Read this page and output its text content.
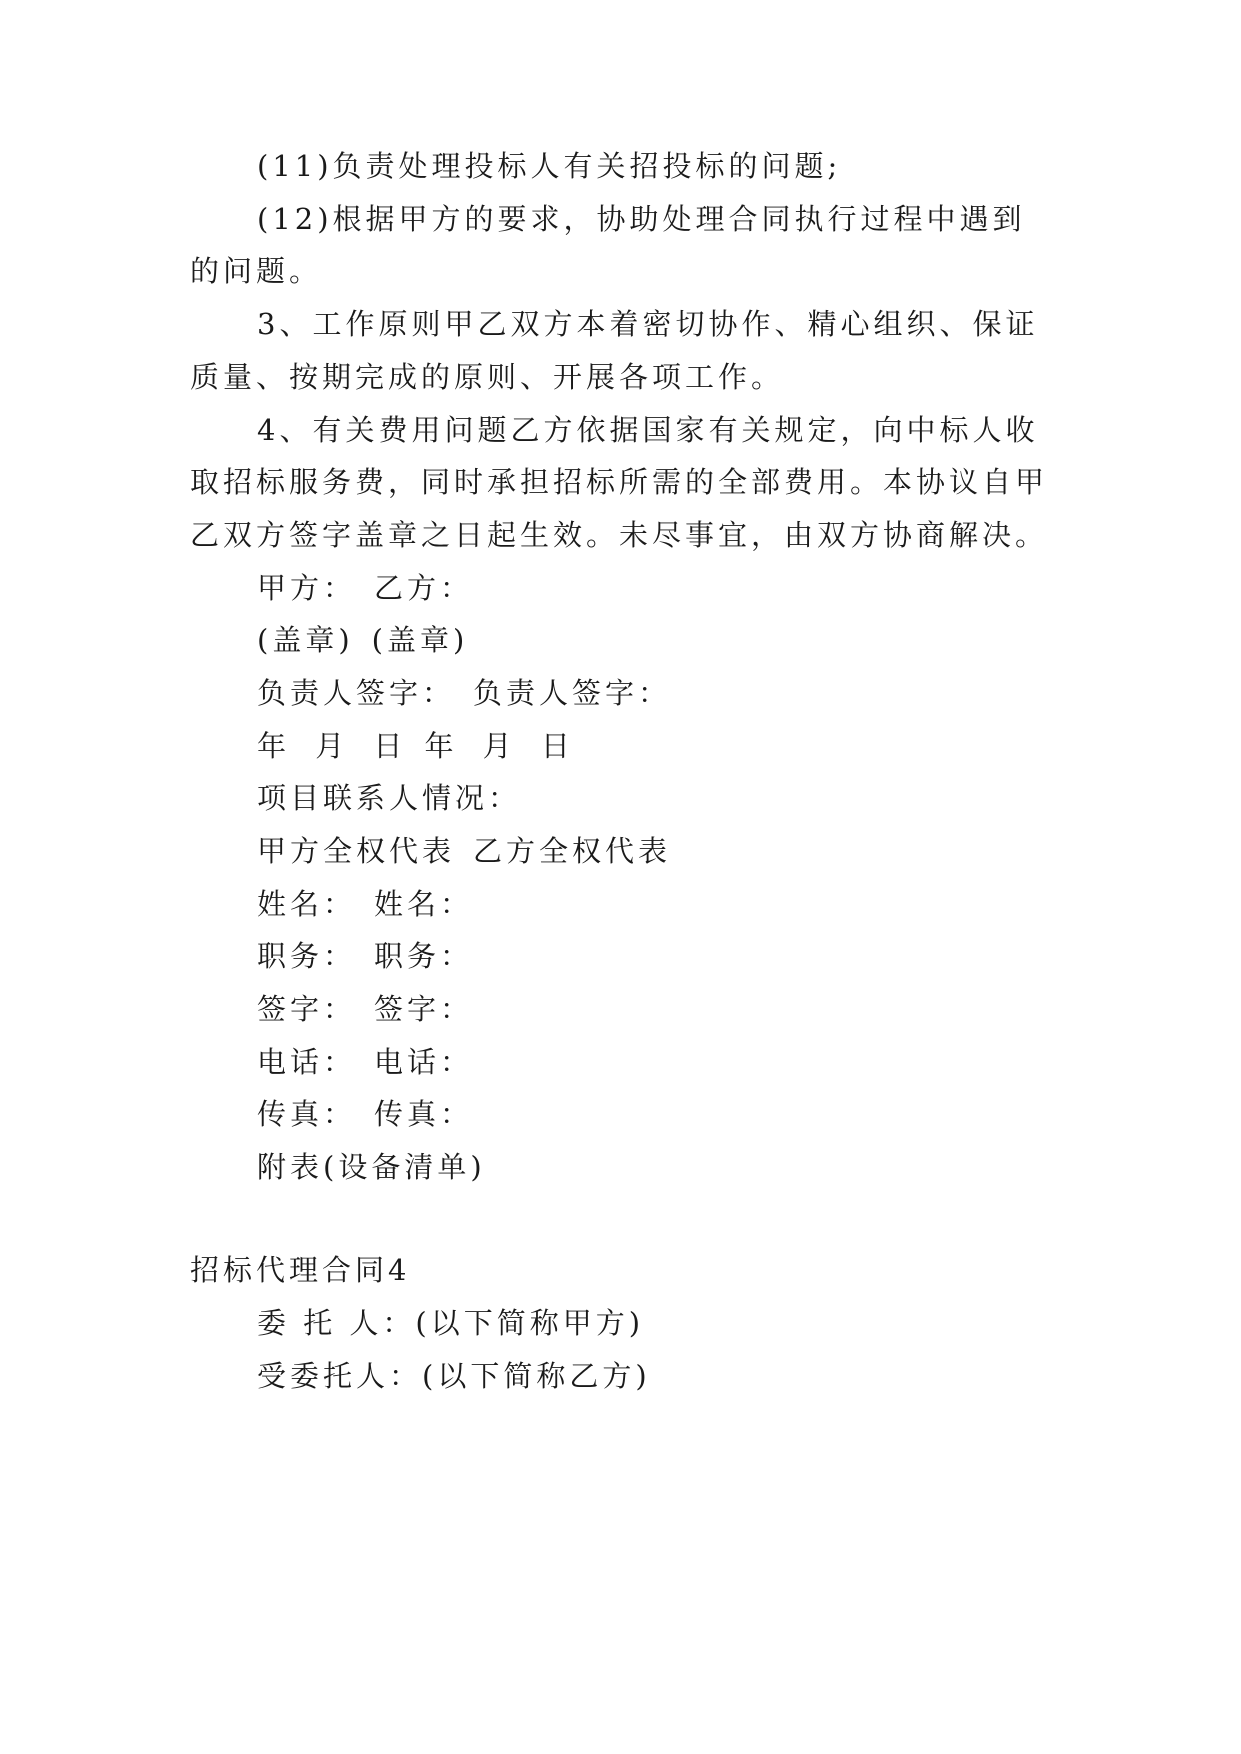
(11)负责处理投标人有关招投标的问题;
(12)根据甲方的要求，协助处理合同执行过程中遇到
的问题。
3、工作原则甲乙双方本着密切协作、精心组织、保证
质量、按期完成的原则、开展各项工作。
4、有关费用问题乙方依据国家有关规定，向中标人收
取招标服务费，同时承担招标所需的全部费用。本协议自甲
乙双方签字盖章之日起生效。未尽事宜，由双方协商解决。
甲方： 乙方：
(盖章) (盖章)
负责人签字： 负责人签字：
年 月 日 年 月 日
项目联系人情况：
甲方全权代表 乙方全权代表
姓名： 姓名：
职务： 职务：
签字： 签字：
电话： 电话：
传真： 传真：
附表(设备清单)
招标代理合同4
委 托 人：(以下简称甲方)
受委托人：(以下简称乙方)
